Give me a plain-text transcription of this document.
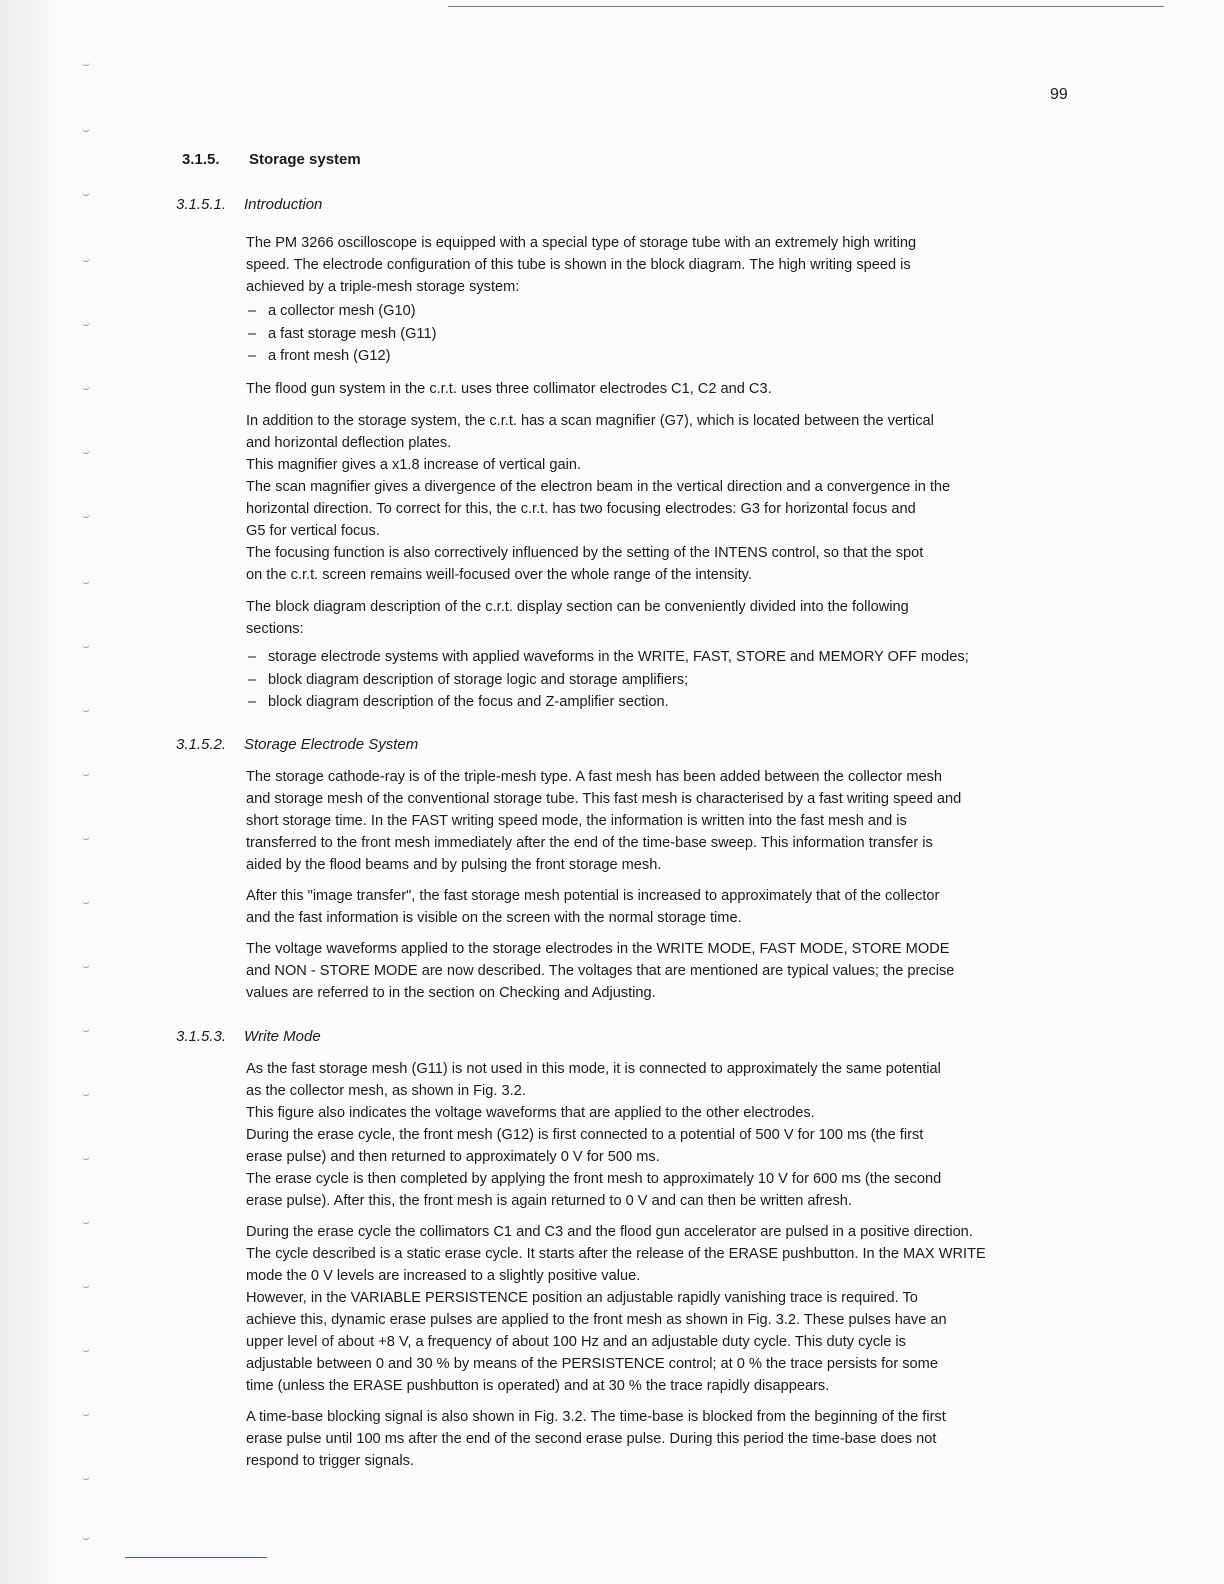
99
3.1.5. Storage system
3.1.5.1. Introduction

The PM 3266 oscilloscope is equipped with a special type of storage tube with an extremely high writing
speed. The electrode configuration of this tube is shown in the block diagram. The high writing speed is
achieved by a triple-mesh storage system:

– a collector mesh (G10)
– a fast storage mesh (G11)
– a front mesh (G12)

The flood gun system in the c.r.t. uses three collimator electrodes C1, C2 and C3.

In addition to the storage system, the c.r.t. has a scan magnifier (G7), which is located between the vertical
and horizontal deflection plates.
This magnifier gives a x1.8 increase of vertical gain.
The scan magnifier gives a divergence of the electron beam in the vertical direction and a convergence in the
horizontal direction. To correct for this, the c.r.t. has two focusing electrodes: G3 for horizontal focus and
G5 for vertical focus.
The focusing function is also correctively influenced by the setting of the INTENS control, so that the spot
on the c.r.t. screen remains weill-focused over the whole range of the intensity.

The block diagram description of the c.r.t. display section can be conveniently divided into the following
sections:

– storage electrode systems with applied waveforms in the WRITE, FAST, STORE and MEMORY OFF modes;
– block diagram description of storage logic and storage amplifiers;
– block diagram description of the focus and Z-amplifier section.
3.1.5.2. Storage Electrode System

The storage cathode-ray is of the triple-mesh type. A fast mesh has been added between the collector mesh
and storage mesh of the conventional storage tube. This fast mesh is characterised by a fast writing speed and
short storage time. In the FAST writing speed mode, the information is written into the fast mesh and is
transferred to the front mesh immediately after the end of the time-base sweep. This information transfer is
aided by the flood beams and by pulsing the front storage mesh.

After this "image transfer", the fast storage mesh potential is increased to approximately that of the collector
and the fast information is visible on the screen with the normal storage time.

The voltage waveforms applied to the storage electrodes in the WRITE MODE, FAST MODE, STORE MODE
and NON - STORE MODE are now described. The voltages that are mentioned are typical values; the precise
values are referred to in the section on Checking and Adjusting.

3.1.5.3. Write Mode

As the fast storage mesh (G11) is not used in this mode, it is connected to approximately the same potential
as the collector mesh, as shown in Fig. 3.2.
This figure also indicates the voltage waveforms that are applied to the other electrodes.
During the erase cycle, the front mesh (G12) is first connected to a potential of 500 V for 100 ms (the first
erase pulse) and then returned to approximately 0 V for 500 ms.
The erase cycle is then completed by applying the front mesh to approximately 10 V for 600 ms (the second
erase pulse). After this, the front mesh is again returned to 0 V and can then be written afresh.

During the erase cycle the collimators C1 and C3 and the flood gun accelerator are pulsed in a positive direction.
The cycle described is a static erase cycle. It starts after the release of the ERASE pushbutton. In the MAX WRITE
mode the 0 V levels are increased to a slightly positive value.
However, in the VARIABLE PERSISTENCE position an adjustable rapidly vanishing trace is required. To
achieve this, dynamic erase pulses are applied to the front mesh as shown in Fig. 3.2. These pulses have an
upper level of about +8 V, a frequency of about 100 Hz and an adjustable duty cycle. This duty cycle is
adjustable between 0 and 30 % by means of the PERSISTENCE control; at 0 % the trace persists for some
time (unless the ERASE pushbutton is operated) and at 30 % the trace rapidly disappears.

A time-base blocking signal is also shown in Fig. 3.2. The time-base is blocked from the beginning of the first
erase pulse until 100 ms after the end of the second erase pulse. During this period the time-base does not
respond to trigger signals.
